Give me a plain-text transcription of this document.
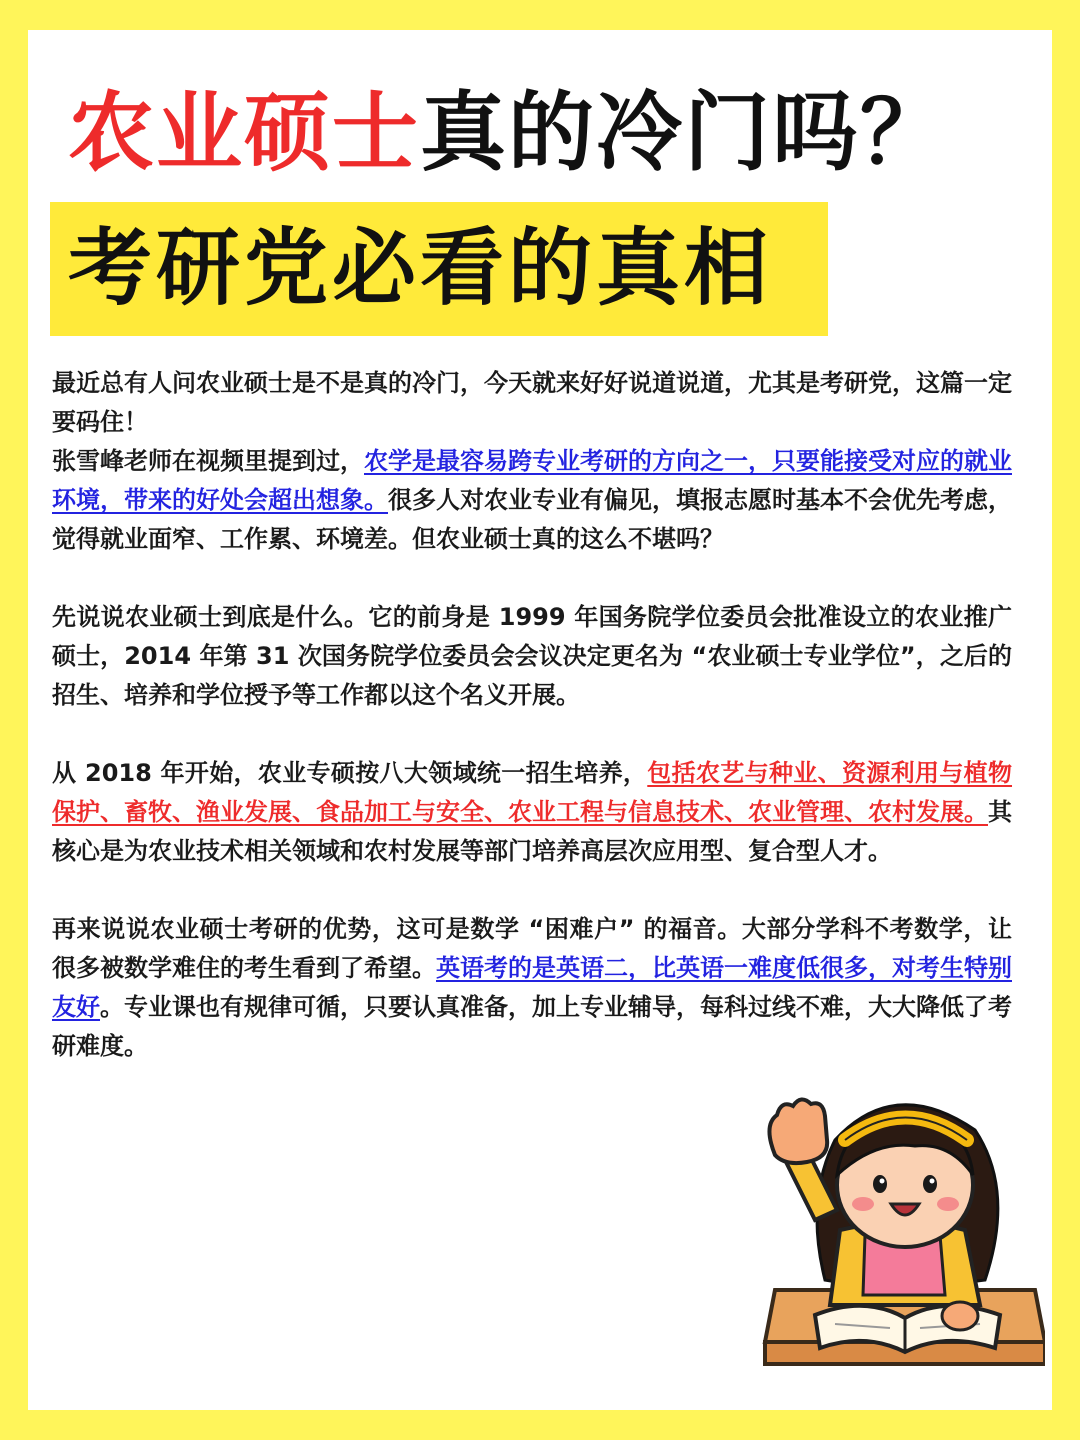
农业硕士真的冷门吗？
考研党必看的真相

最近总有人问农业硕士是不是真的冷门，今天就来好好说道说道，尤其是考研党，这篇一定要码住！
张雪峰老师在视频里提到过，农学是最容易跨专业考研的方向之一，只要能接受对应的就业环境，带来的好处会超出想象。很多人对农业专业有偏见，填报志愿时基本不会优先考虑，觉得就业面窄、工作累、环境差。但农业硕士真的这么不堪吗？

先说说农业硕士到底是什么。它的前身是 1999 年国务院学位委员会批准设立的农业推广硕士，2014 年第 31 次国务院学位委员会会议决定更名为 “农业硕士专业学位”，之后的招生、培养和学位授予等工作都以这个名义开展。

从 2018 年开始，农业专硕按八大领域统一招生培养，包括农艺与种业、资源利用与植物保护、畜牧、渔业发展、食品加工与安全、农业工程与信息技术、农业管理、农村发展。其核心是为农业技术相关领域和农村发展等部门培养高层次应用型、复合型人才。

再来说说农业硕士考研的优势，这可是数学 “困难户” 的福音。大部分学科不考数学，让很多被数学难住的考生看到了希望。英语考的是英语二，比英语一难度低很多，对考生特别友好。专业课也有规律可循，只要认真准备，加上专业辅导，每科过线不难，大大降低了考研难度。
